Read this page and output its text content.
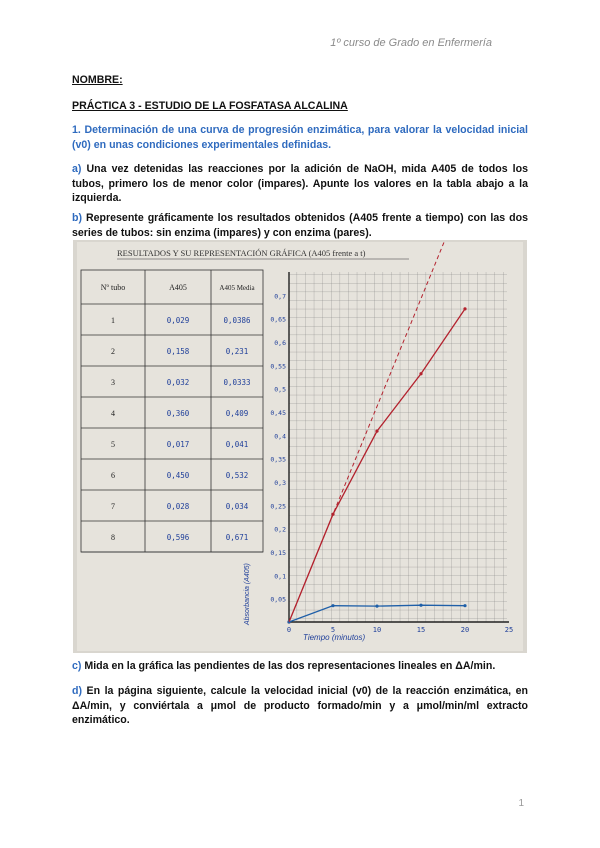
1º curso de Grado en Enfermería

NOMBRE:

PRÁCTICA 3 - ESTUDIO DE LA FOSFATASA ALCALINA

1. Determinación de una curva de progresión enzimática, para valorar la velocidad inicial (v0) en unas condiciones experimentales definidas.

a) Una vez detenidas las reacciones por la adición de NaOH, mida A405 de todos los tubos, primero los de menor color (impares). Apunte los valores en la tabla abajo a la izquierda.

b) Represente gráficamente los resultados obtenidos (A405 frente a tiempo) con las dos series de tubos: sin enzima (impares) y con enzima (pares).

RESULTADOS Y SU REPRESENTACIÓN GRÁFICA (A405 frente a t)
Nº tubo	A405	A405 Media
1	0,029	0,0386
2	0,158	0,231
3	0,032	0,0333
4	0,360	0,409
5	0,017	0,041
6	0,450	0,532
7	0,028	0,034
8	0,596	0,671
0,05
0,1
0,15
0,2
0,25
0,3
0,35
0,4
0,45
0,5
0,55
0,6
0,65
0,7
0	5	10	15	20	25
Tiempo (minutos)
Absorbancia (A405)

c) Mida en la gráfica las pendientes de las dos representaciones lineales en ΔA/min.

d) En la página siguiente, calcule la velocidad inicial (v0) de la reacción enzimática, en ΔA/min, y conviértala a μmol de producto formado/min y a μmol/min/ml extracto enzimático.

1
